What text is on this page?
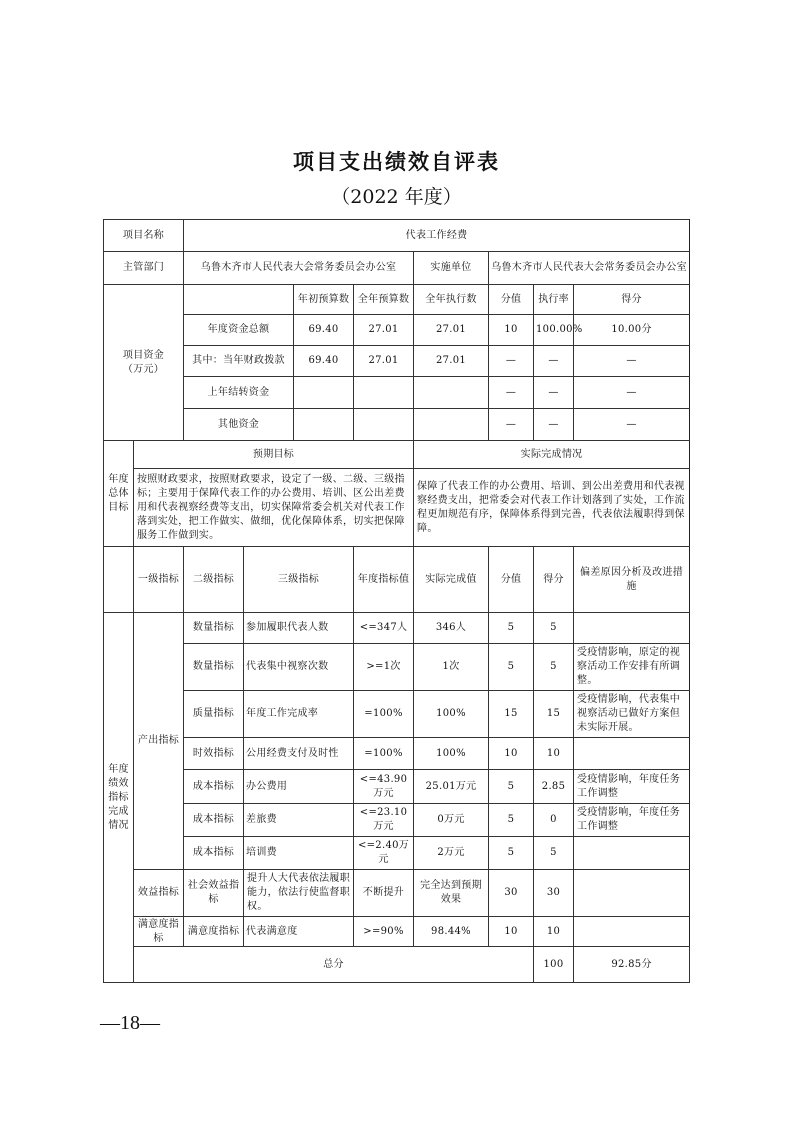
项目支出绩效自评表
（2022 年度）
项目名称		代表工作经费								
主管部门		乌鲁木齐市人民代表大会常务委员会办公室				实施单位	乌鲁木齐市人民代表大会常务委员会办公室			

项目资金
（万元）				年初预算数	全年预算数	全年执行数	分值	执行率	得分	
		年度资金总额		69.40	27.01	27.01	10	100.00%	10.00分	
		其中：当年财政拨款		69.40	27.01	27.01	—	—	—	
		上年结转资金					—	—	—	
		其他资金					—	—	—	
年度总体目标	预期目标					实际完成情况				
	按照财政要求，按照财政要求，设定了一级、二级、三级指标；主要用于保障代表工作的办公费用、培训、区公出差费用和代表视察经费等支出，切实保障常委会机关对代表工作落到实处，把工作做实、做细，优化保障体系，切实把保障服务工作做到实。					保障了代表工作的办公费用、培训、到公出差费用和代表视察经费支出，把常委会对代表工作计划落到了实处，工作流程更加规范有序，保障体系得到完善，代表依法履职得到保障。				
	一级指标	二级指标	三级指标		年度指标值	实际完成值	分值	得分	偏差原因分析及改进措施	
年度绩效指标完成情况	产出指标	数量指标	参加履职代表人数		<=347人	346人	5	5		
		数量指标	代表集中视察次数		>=1次	1次	5	5	受疫情影响，原定的视察活动工作安排有所调整。	
		质量指标	年度工作完成率		=100%	100%	15	15	受疫情影响，代表集中视察活动已做好方案但未实际开展。	
		时效指标	公用经费支付及时性		=100%	100%	10	10		
		成本指标	办公费用		<=43.90万元	25.01万元	5	2.85	受疫情影响，年度任务工作调整	
		成本指标	差旅费		<=23.10万元	0万元	5	0	受疫情影响，年度任务工作调整	
		成本指标	培训费		<=2.40万元	2万元	5	5		
	效益指标	社会效益指标	提升人大代表依法履职能力，依法行使监督职权。		不断提升	完全达到预期效果	30	30		
	满意度指标	满意度指标	代表满意度		>=90%	98.44%	10	10		
	总分							100	92.85分	
—18—
